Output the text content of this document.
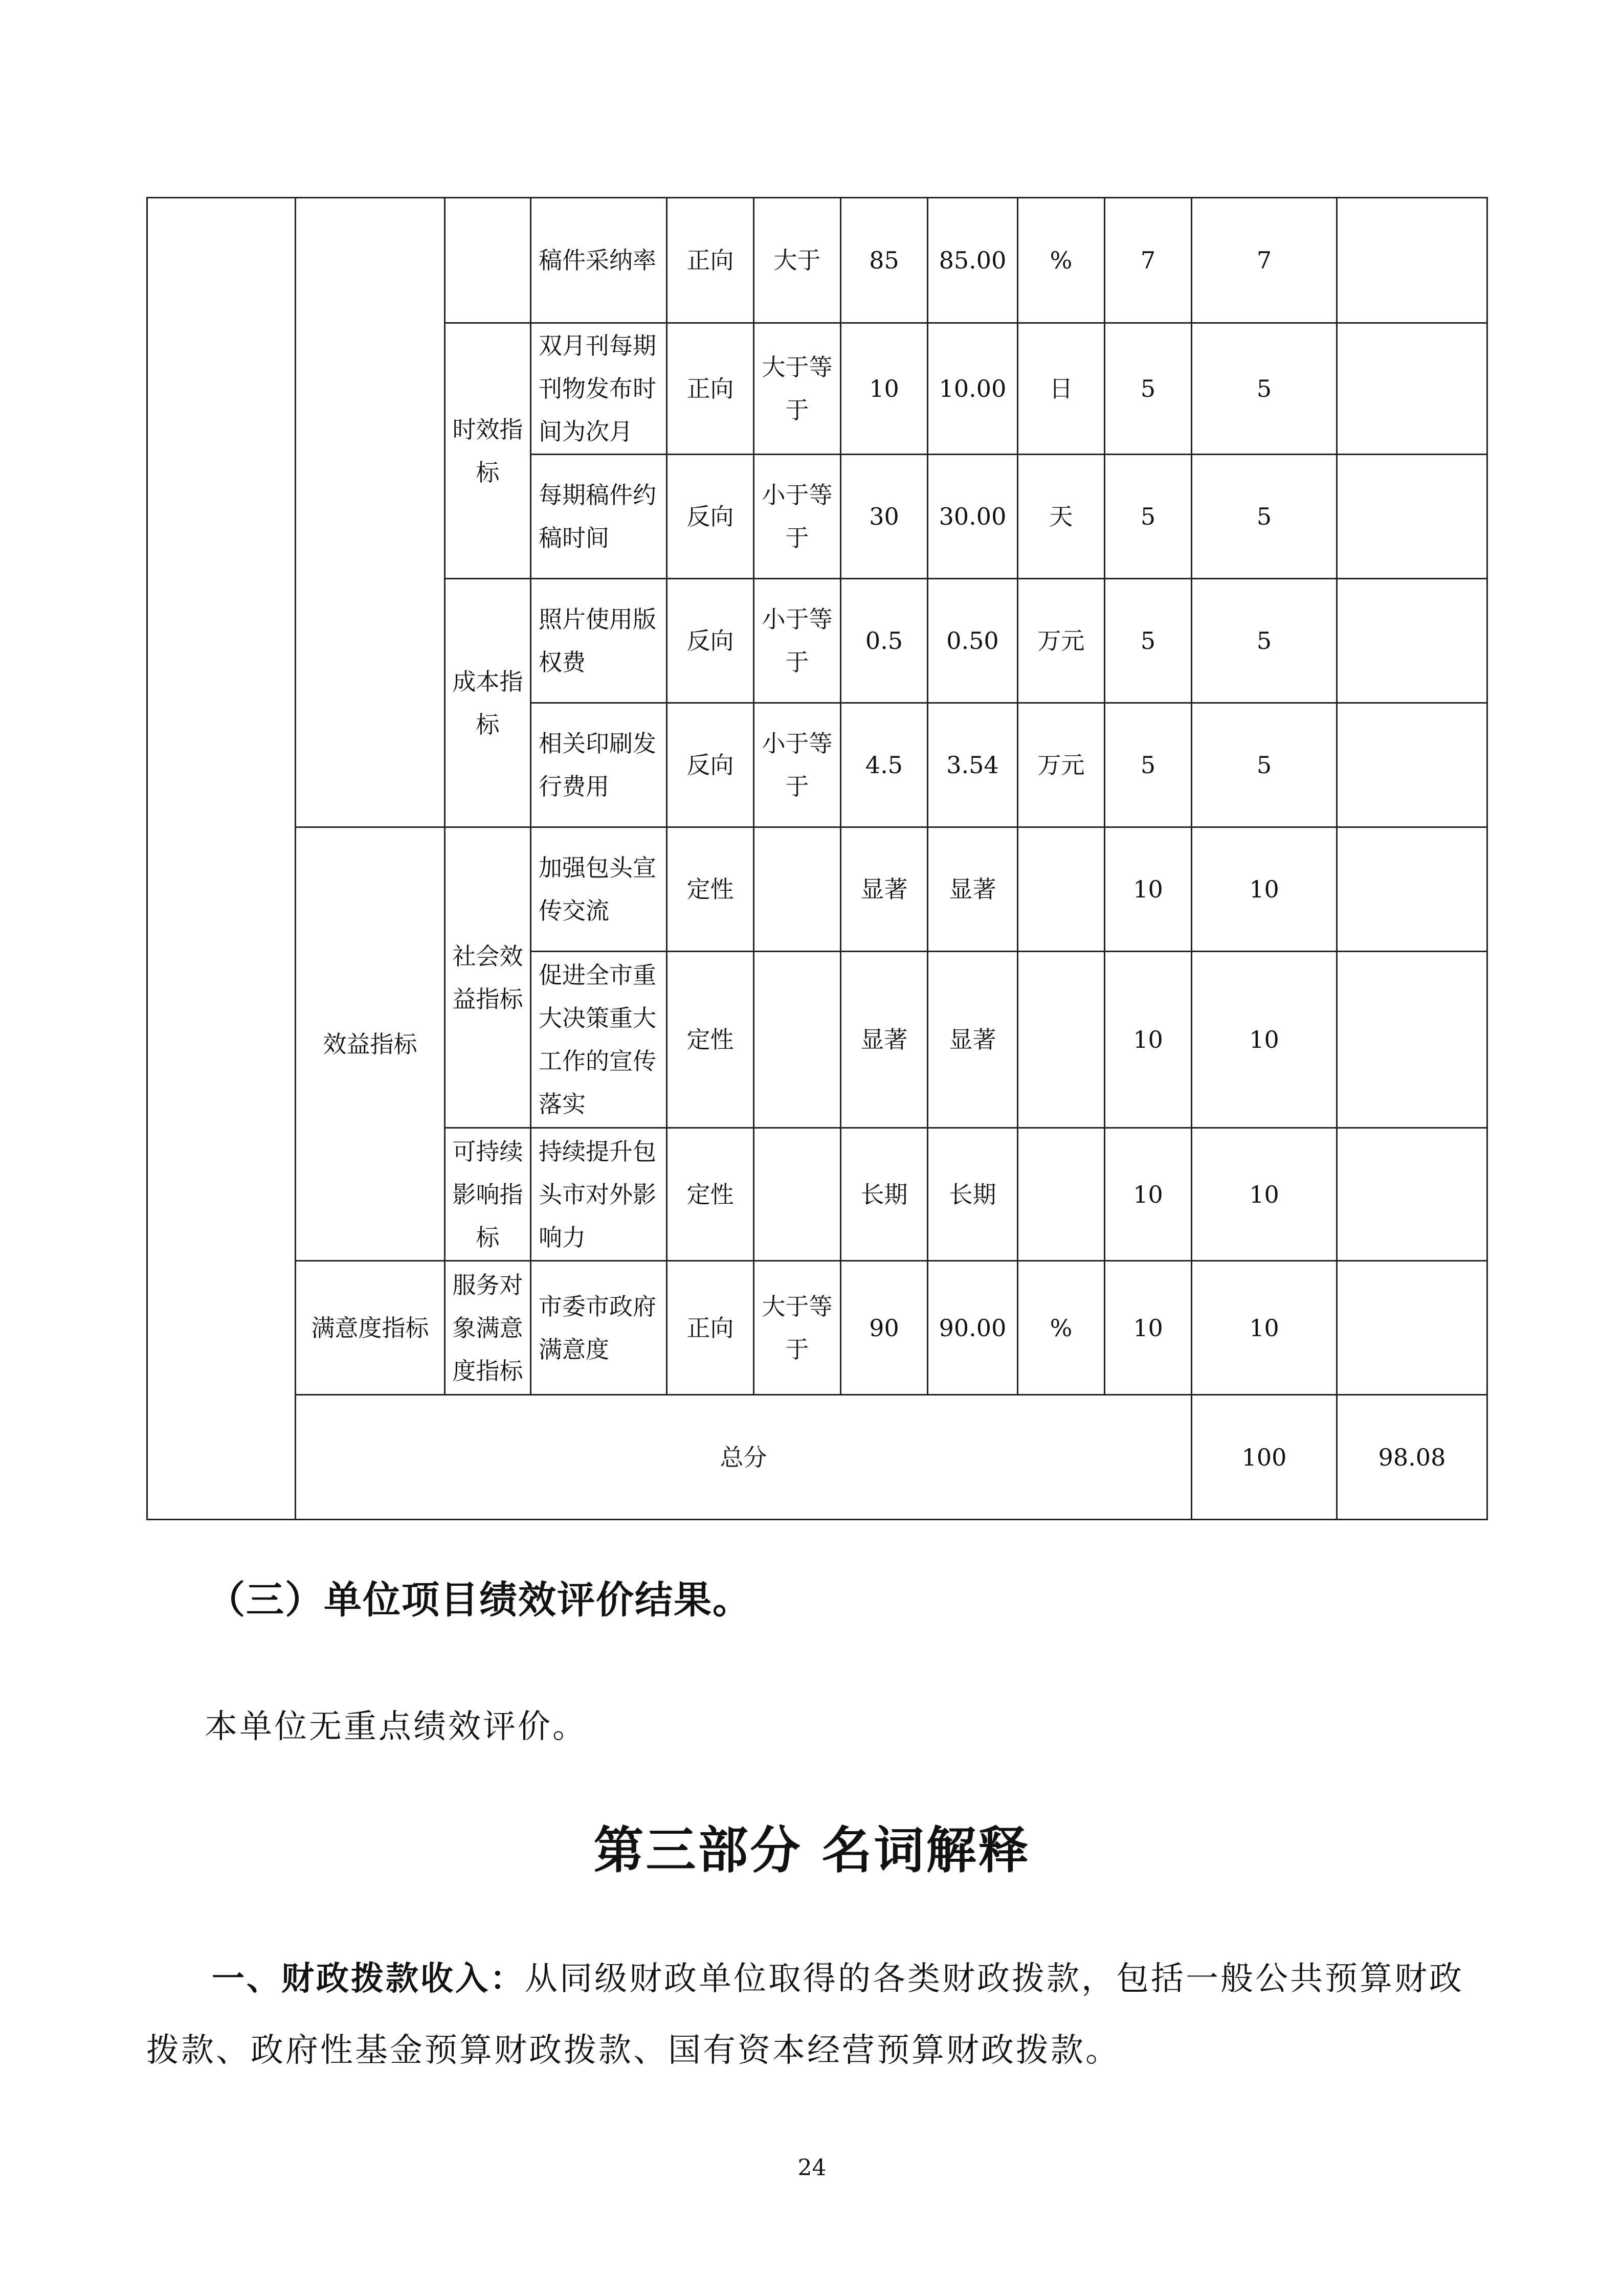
			稿件采纳率	正向	大于	85	85.00	%	7	7		
		时效指标	双月刊每期刊物发布时间为次月	正向	大于等于	10	10.00	日	5	5		
			每期稿件约稿时间	反向	小于等于	30	30.00	天	5	5		
		成本指标	照片使用版权费	反向	小于等于	0.5	0.50	万元	5	5		
			相关印刷发行费用	反向	小于等于	4.5	3.54	万元	5	5		
	效益指标	社会效益指标	加强包头宣传交流	定性		显著	显著		10	10		
			促进全市重大决策重大工作的宣传落实	定性		显著	显著		10	10		
		可持续影响指标	持续提升包头市对外影响力	定性		长期	长期		10	10		
	满意度指标	服务对象满意度指标	市委市政府满意度	正向	大于等于	90	90.00	%	10	10		
	总分									100	98.08	
（三）单位项目绩效评价结果。

本单位无重点绩效评价。

第三部分 名词解释

一、财政拨款收入：从同级财政单位取得的各类财政拨款，包括一般公共预算财政拨款、政府性基金预算财政拨款、国有资本经营预算财政拨款。

24
